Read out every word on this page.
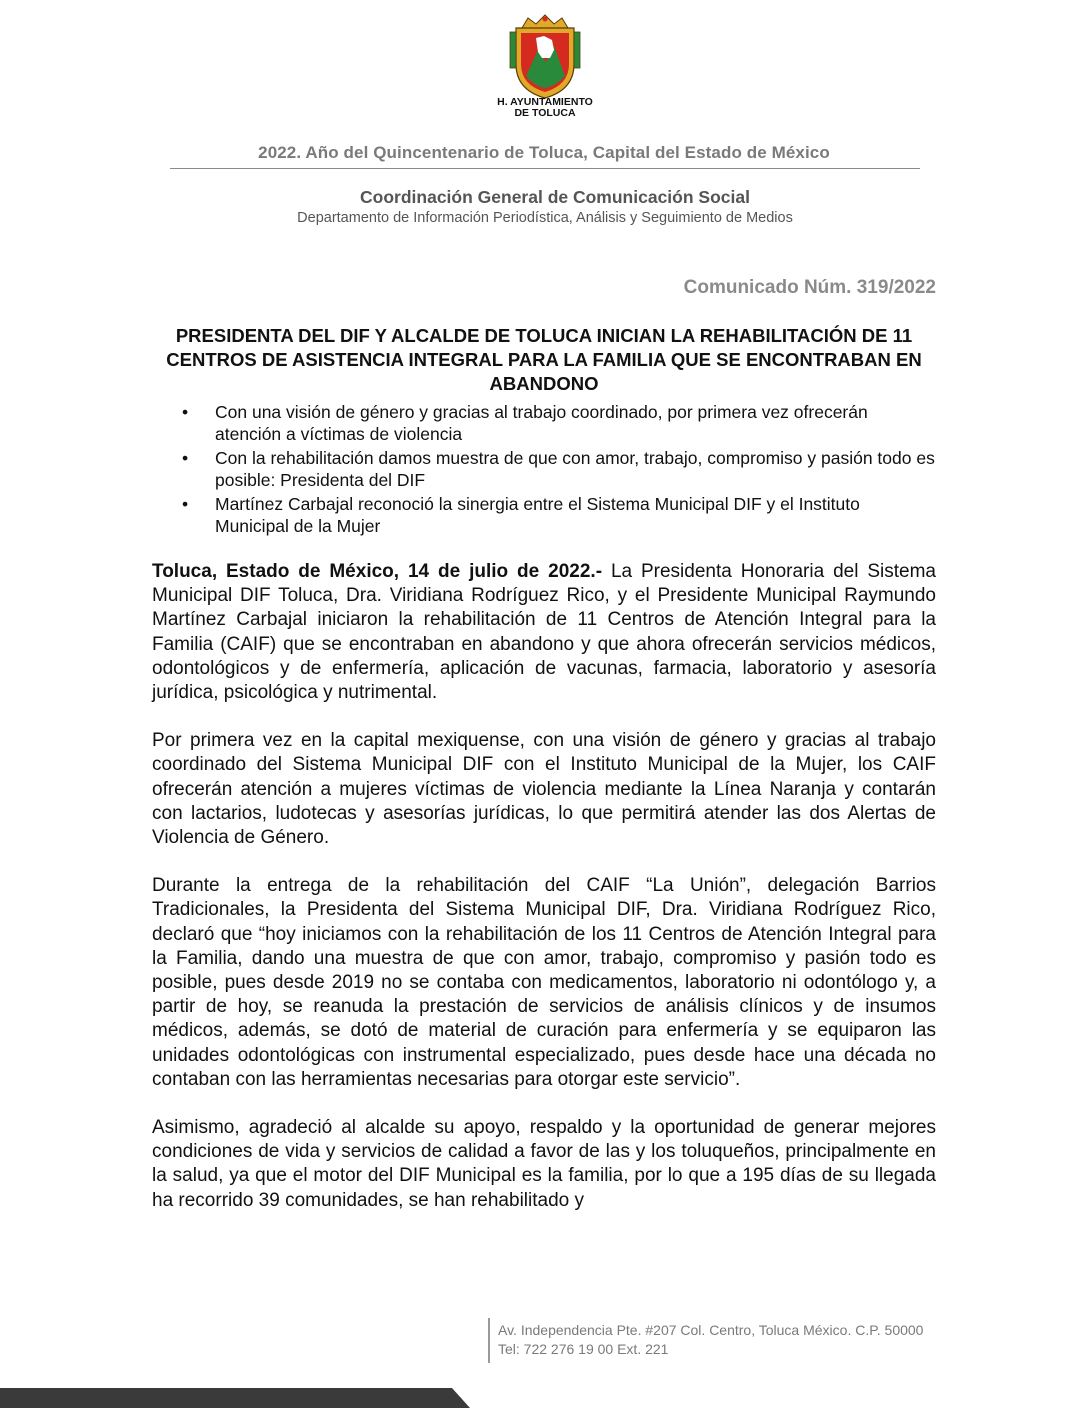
H. AYUNTAMIENTO
DE TOLUCA
2022. Año del Quincentenario de Toluca, Capital del Estado de México
Coordinación General de Comunicación Social
Departamento de Información Periodística, Análisis y Seguimiento de Medios
Comunicado Núm. 319/2022
PRESIDENTA DEL DIF Y ALCALDE DE TOLUCA INICIAN LA REHABILITACIÓN DE 11 CENTROS DE ASISTENCIA INTEGRAL PARA LA FAMILIA QUE SE ENCONTRABAN EN ABANDONO
• Con una visión de género y gracias al trabajo coordinado, por primera vez ofrecerán atención a víctimas de violencia
• Con la rehabilitación damos muestra de que con amor, trabajo, compromiso y pasión todo es posible: Presidenta del DIF
• Martínez Carbajal reconoció la sinergia entre el Sistema Municipal DIF y el Instituto Municipal de la Mujer

Toluca, Estado de México, 14 de julio de 2022.- La Presidenta Honoraria del Sistema Municipal DIF Toluca, Dra. Viridiana Rodríguez Rico, y el Presidente Municipal Raymundo Martínez Carbajal iniciaron la rehabilitación de 11 Centros de Atención Integral para la Familia (CAIF) que se encontraban en abandono y que ahora ofrecerán servicios médicos, odontológicos y de enfermería, aplicación de vacunas, farmacia, laboratorio y asesoría jurídica, psicológica y nutrimental.

Por primera vez en la capital mexiquense, con una visión de género y gracias al trabajo coordinado del Sistema Municipal DIF con el Instituto Municipal de la Mujer, los CAIF ofrecerán atención a mujeres víctimas de violencia mediante la Línea Naranja y contarán con lactarios, ludotecas y asesorías jurídicas, lo que permitirá atender las dos Alertas de Violencia de Género.

Durante la entrega de la rehabilitación del CAIF “La Unión”, delegación Barrios Tradicionales, la Presidenta del Sistema Municipal DIF, Dra. Viridiana Rodríguez Rico, declaró que “hoy iniciamos con la rehabilitación de los 11 Centros de Atención Integral para la Familia, dando una muestra de que con amor, trabajo, compromiso y pasión todo es posible, pues desde 2019 no se contaba con medicamentos, laboratorio ni odontólogo y, a partir de hoy, se reanuda la prestación de servicios de análisis clínicos y de insumos médicos, además, se dotó de material de curación para enfermería y se equiparon las unidades odontológicas con instrumental especializado, pues desde hace una década no contaban con las herramientas necesarias para otorgar este servicio”.

Asimismo, agradeció al alcalde su apoyo, respaldo y la oportunidad de generar mejores condiciones de vida y servicios de calidad a favor de las y los toluqueños, principalmente en la salud, ya que el motor del DIF Municipal es la familia, por lo que a 195 días de su llegada ha recorrido 39 comunidades, se han rehabilitado y

Av. Independencia Pte. #207 Col. Centro, Toluca México. C.P. 50000
Tel: 722 276 19 00 Ext. 221
